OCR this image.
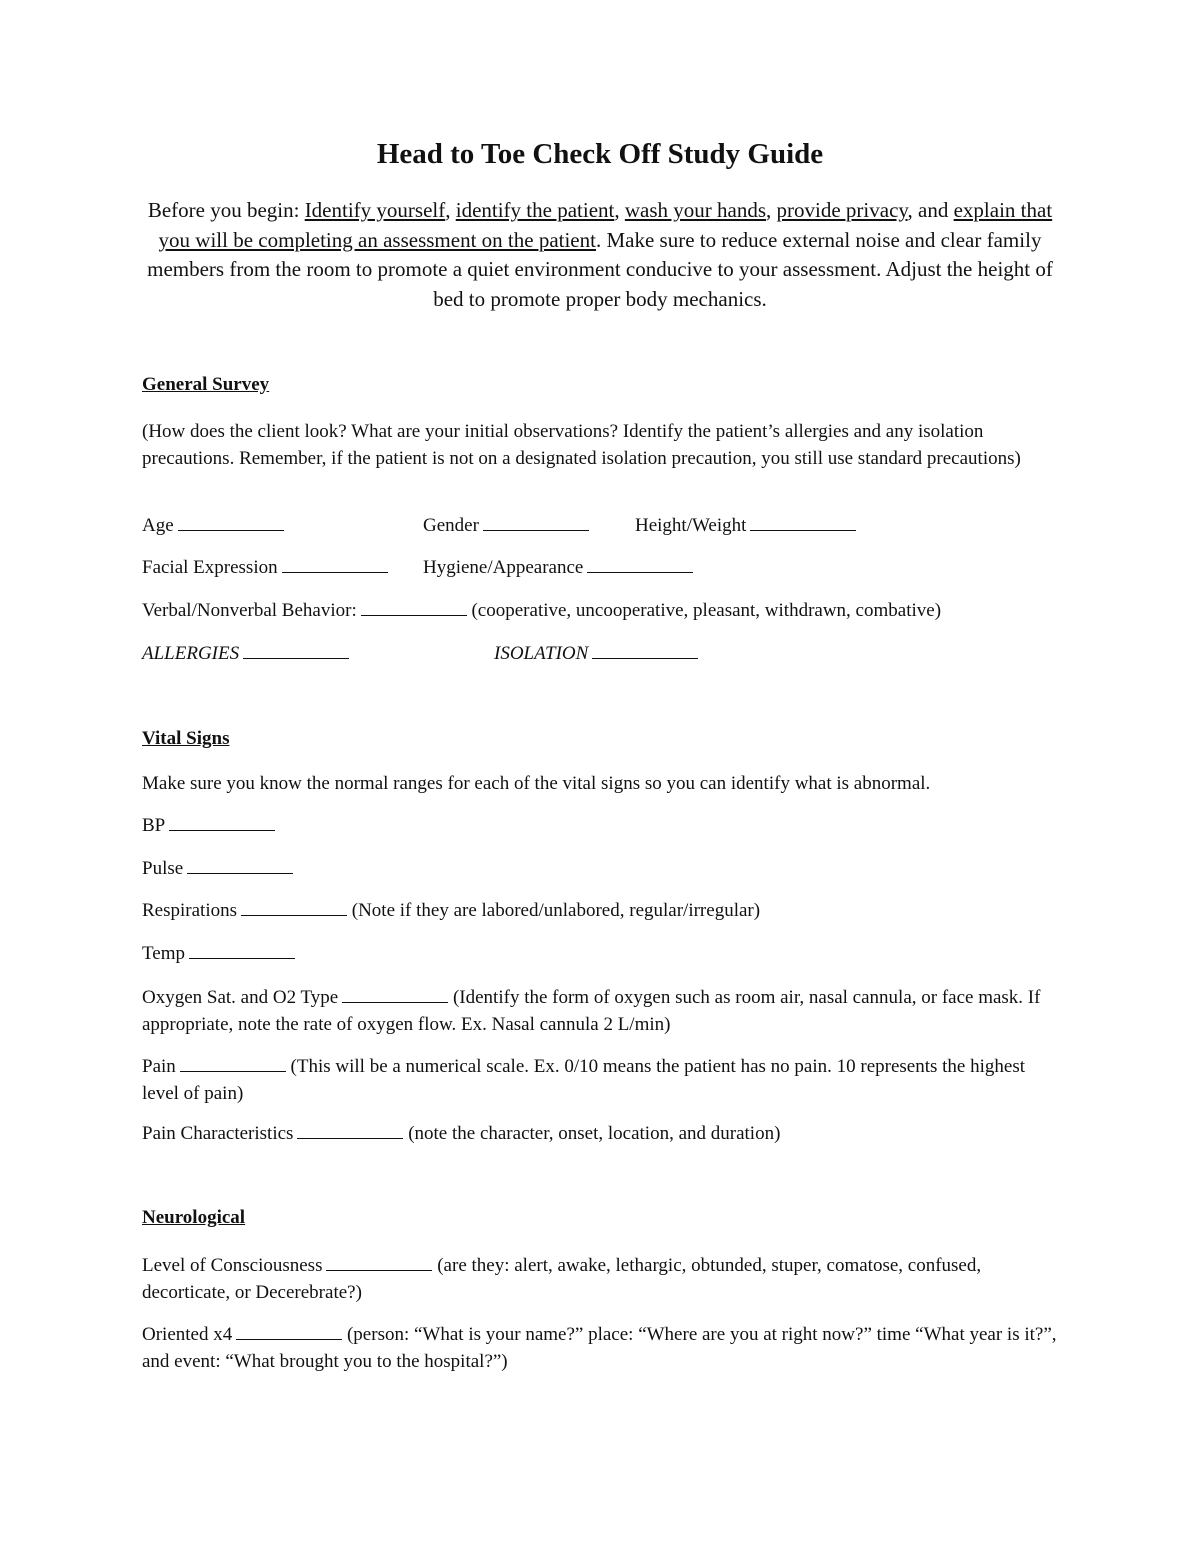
Head to Toe Check Off Study Guide

Before you begin: Identify yourself, identify the patient, wash your hands, provide privacy, and explain that you will be completing an assessment on the patient. Make sure to reduce external noise and clear family members from the room to promote a quiet environment conducive to your assessment. Adjust the height of bed to promote proper body mechanics.

General Survey

(How does the client look? What are your initial observations? Identify the patient’s allergies and any isolation precautions. Remember, if the patient is not on a designated isolation precaution, you still use standard precautions)

Age	Gender	Height/Weight
Facial Expression	Hygiene/Appearance
Verbal/Nonverbal Behavior:	(cooperative, uncooperative, pleasant, withdrawn, combative)
ALLERGIES	ISOLATION
Vital Signs
Make sure you know the normal ranges for each of the vital signs so you can identify what is abnormal.
BP
Pulse
Respirations	(Note if they are labored/unlabored, regular/irregular)
Temp

Oxygen Sat. and O2 Type	(Identify the form of oxygen such as room air, nasal cannula, or face mask. If appropriate, note the rate of oxygen flow. Ex. Nasal cannula 2 L/min)

Pain	(This will be a numerical scale. Ex. 0/10 means the patient has no pain. 10 represents the highest level of pain)

Pain Characteristics	(note the character, onset, location, and duration)
Neurological

Level of Consciousness	(are they: alert, awake, lethargic, obtunded, stuper, comatose, confused, decorticate, or Decerebrate?)

Oriented x4	(person: “What is your name?” place: “Where are you at right now?” time “What year is it?”, and event: “What brought you to the hospital?”)
